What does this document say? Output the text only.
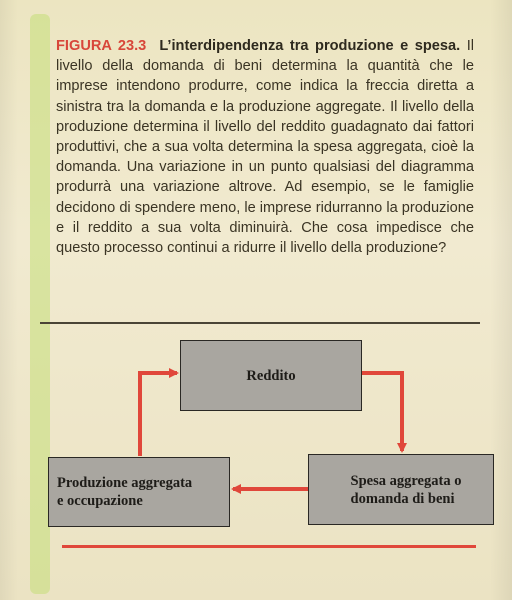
FIGURA 23.3 L’interdipendenza tra produzione e spesa. Il livello della domanda di beni determina la quantità che le imprese intendono produrre, come indica la freccia diretta a sinistra tra la domanda e la produzione aggregate. Il livello della produzione determina il livello del reddito guadagnato dai fattori produttivi, che a sua volta determina la spesa aggregata, cioè la domanda. Una variazione in un punto qualsiasi del diagramma produrrà una variazione altrove. Ad esempio, se le famiglie decidono di spendere meno, le imprese ridurranno la produzione e il reddito a sua volta diminuirà. Che cosa impedisce che questo processo continui a ridurre il livello della produzione?

Reddito
Produzione aggregata
e occupazione
Spesa aggregata o
domanda di beni
